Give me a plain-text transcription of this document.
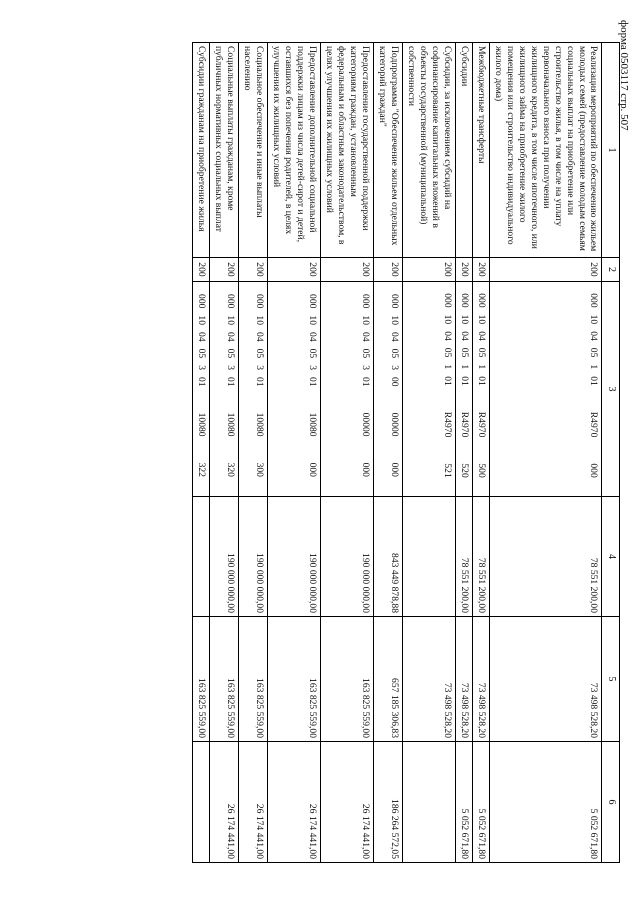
форма 0503117 стр. 507
1	2	3	4	5	6
Реализация мероприятий по обеспечению жильем молодых семей (предоставление молодым семьям социальных выплат на приобретение или строительство жилья, в том числе на уплату первоначального взноса при получении жилищного кредита, в том числе ипотечного, или жилищного займа на приобретение жилого помещения или строительство индивидуального жилого дома)	200	000100405101R4970000	78 551 200,00	73 498 528,20	5 052 671,80
Межбюджетные трансферты	200	000100405101R4970500	78 551 200,00	73 498 528,20	5 052 671,80
Субсидии	200	000100405101R4970520	78 551 200,00	73 498 528,20	5 052 671,80
Субсидии, за исключением субсидий на софинансирование капитальных вложений в объекты государственной (муниципальной) собственности	200	000100405101R4970521		73 498 528,20	
Подпрограмма "Обеспечение жильем отдельных категорий граждан"	200	00010040530000000000	843 449 878,88	657 185 306,83	186 264 572,05
Предоставление государственной поддержки категориям граждан, установленным федеральным и областным законодательством, в целях улучшения их жилищных условий	200	00010040530100000000	190 000 000,00	163 825 559,00	26 174 441,00
Предоставление дополнительной социальной поддержки лицам из числа детей-сирот и детей, оставшихся без попечения родителей, в целях улучшения их жилищных условий	200	00010040530110080000	190 000 000,00	163 825 559,00	26 174 441,00
Социальное обеспечение и иные выплаты населению	200	00010040530110080300	190 000 000,00	163 825 559,00	26 174 441,00
Социальные выплаты гражданам, кроме публичных нормативных социальных выплат	200	00010040530110080320	190 000 000,00	163 825 559,00	26 174 441,00
Субсидии гражданам на приобретение жилья	200	00010040530110080322		163 825 559,00	
